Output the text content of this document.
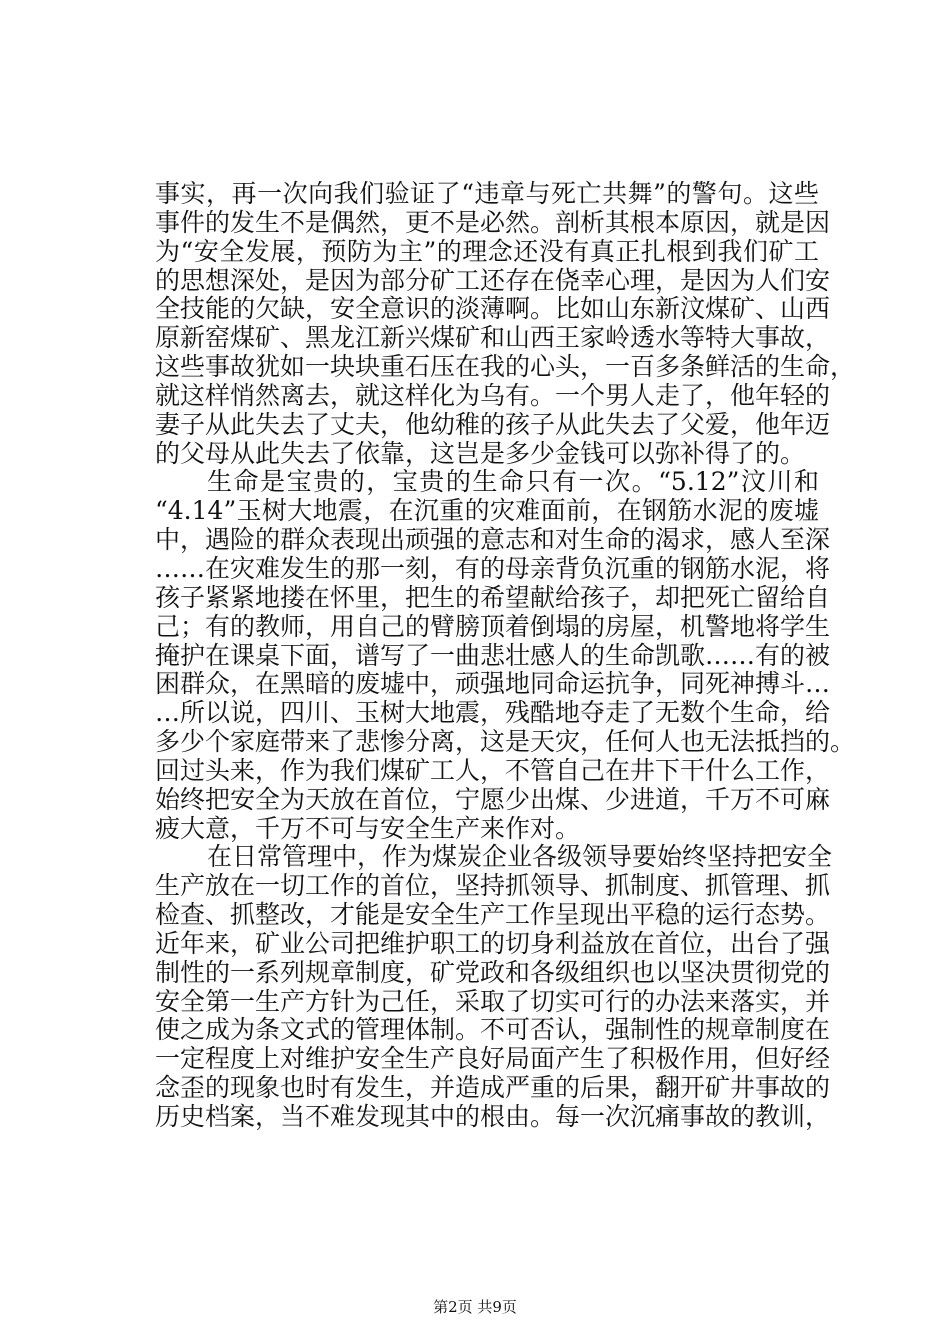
事实，再一次向我们验证了“违章与死亡共舞”的警句。这些
事件的发生不是偶然，更不是必然。剖析其根本原因，就是因
为“安全发展，预防为主”的理念还没有真正扎根到我们矿工
的思想深处，是因为部分矿工还存在侥幸心理，是因为人们安
全技能的欠缺，安全意识的淡薄啊。比如山东新汶煤矿、山西
原新窑煤矿、黑龙江新兴煤矿和山西王家岭透水等特大事故，
这些事故犹如一块块重石压在我的心头，一百多条鲜活的生命，
就这样悄然离去，就这样化为乌有。一个男人走了，他年轻的
妻子从此失去了丈夫，他幼稚的孩子从此失去了父爱，他年迈
的父母从此失去了依靠，这岂是多少金钱可以弥补得了的。
生命是宝贵的，宝贵的生命只有一次。“5.12”汶川和
“4.14”玉树大地震，在沉重的灾难面前，在钢筋水泥的废墟
中，遇险的群众表现出顽强的意志和对生命的渴求，感人至深
……在灾难发生的那一刻，有的母亲背负沉重的钢筋水泥，将
孩子紧紧地搂在怀里，把生的希望献给孩子，却把死亡留给自
己；有的教师，用自己的臂膀顶着倒塌的房屋，机警地将学生
掩护在课桌下面，谱写了一曲悲壮感人的生命凯歌……有的被
困群众，在黑暗的废墟中，顽强地同命运抗争，同死神搏斗…
…所以说，四川、玉树大地震，残酷地夺走了无数个生命，给
多少个家庭带来了悲惨分离，这是天灾，任何人也无法抵挡的。
回过头来，作为我们煤矿工人，不管自己在井下干什么工作，
始终把安全为天放在首位，宁愿少出煤、少进道，千万不可麻
疲大意，千万不可与安全生产来作对。
在日常管理中，作为煤炭企业各级领导要始终坚持把安全
生产放在一切工作的首位，坚持抓领导、抓制度、抓管理、抓
检查、抓整改，才能是安全生产工作呈现出平稳的运行态势。
近年来，矿业公司把维护职工的切身利益放在首位，出台了强
制性的一系列规章制度，矿党政和各级组织也以坚决贯彻党的
安全第一生产方针为己任，采取了切实可行的办法来落实，并
使之成为条文式的管理体制。不可否认，强制性的规章制度在
一定程度上对维护安全生产良好局面产生了积极作用，但好经
念歪的现象也时有发生，并造成严重的后果，翻开矿井事故的
历史档案，当不难发现其中的根由。每一次沉痛事故的教训，
第2页 共9页
